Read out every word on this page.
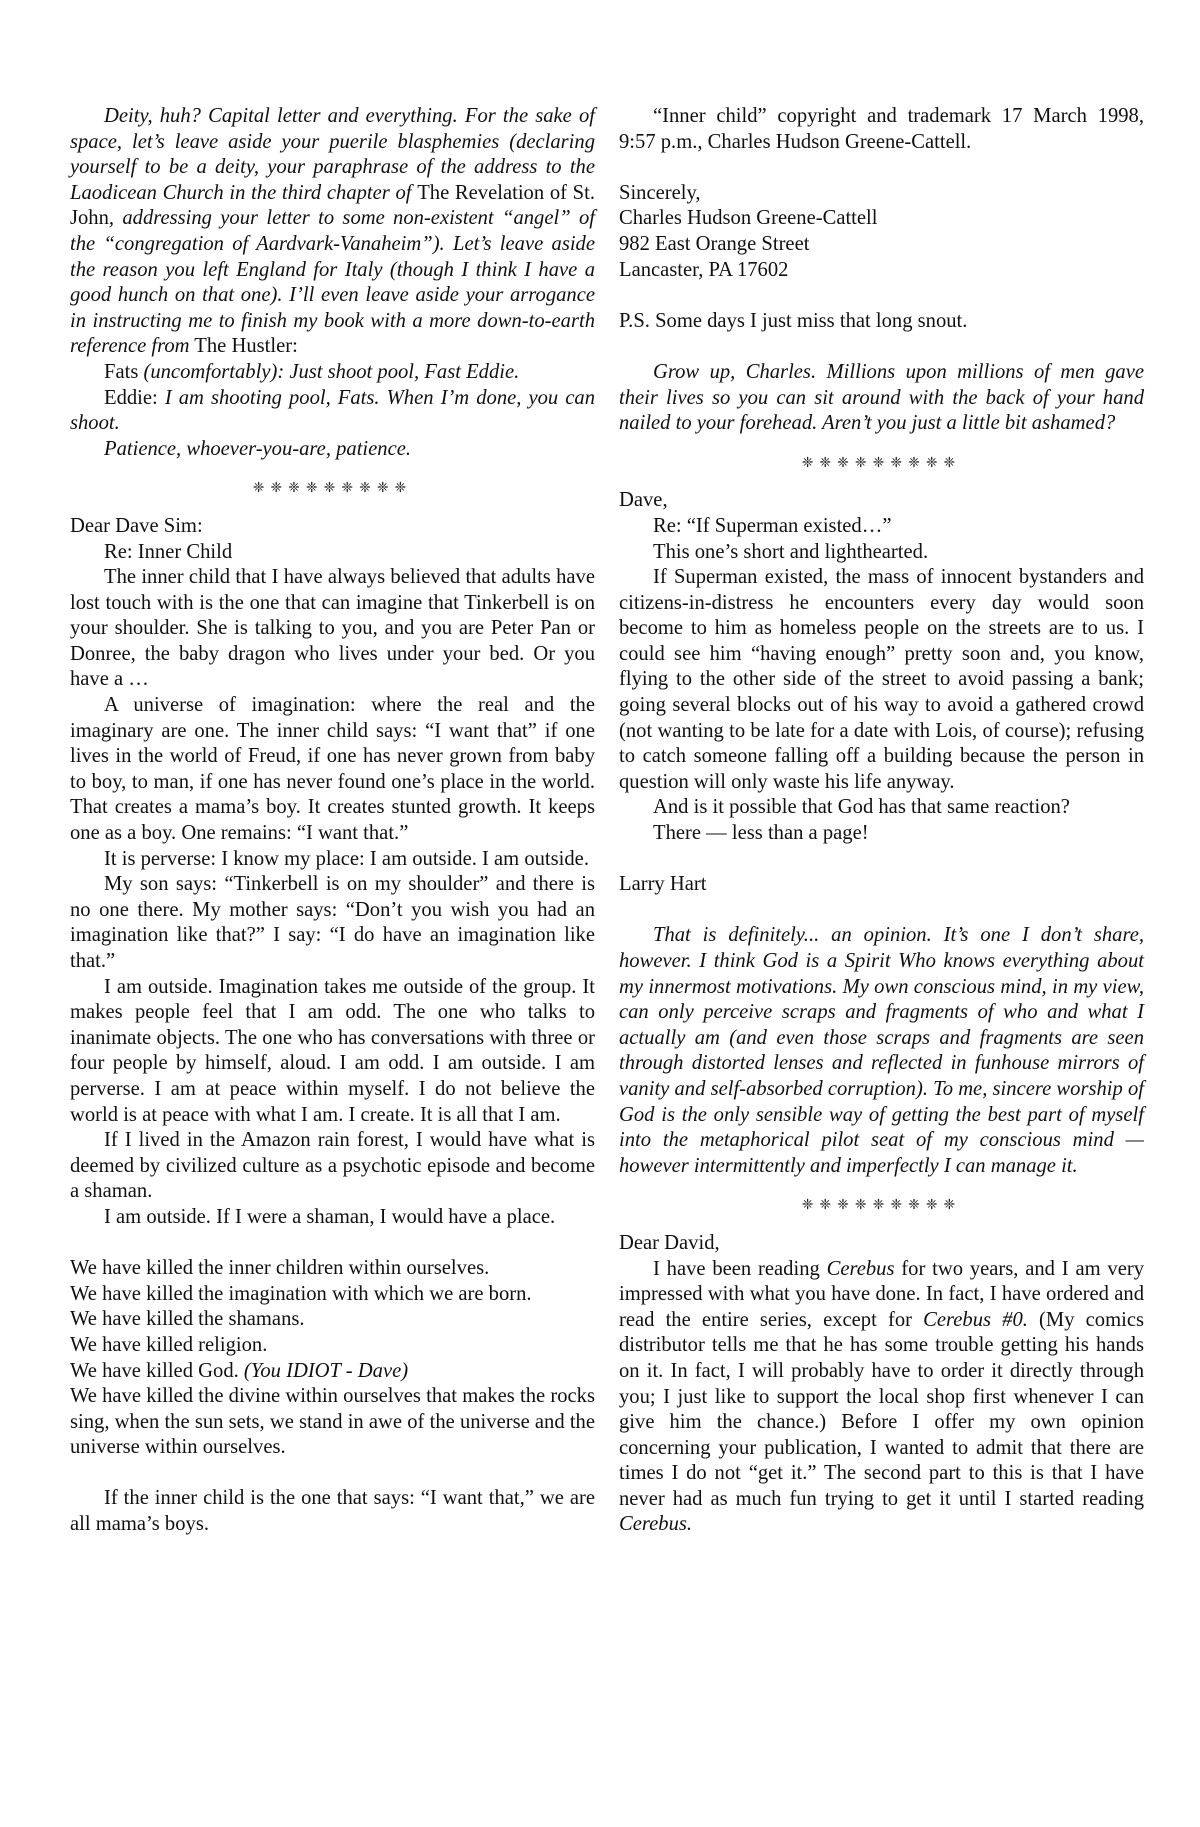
Deity, huh? Capital letter and everything. For the sake of space, let’s leave aside your puerile blasphemies (declaring yourself to be a deity, your paraphrase of the address to the Laodicean Church in the third chapter of The Revelation of St. John, addressing your letter to some non-existent “angel” of the “congregation of Aardvark-Vanaheim”). Let’s leave aside the reason you left England for Italy (though I think I have a good hunch on that one). I’ll even leave aside your arrogance in instructing me to finish my book with a more down-to-earth reference from The Hustler:

Fats (uncomfortably): Just shoot pool, Fast Eddie.

Eddie: I am shooting pool, Fats. When I’m done, you can shoot.

Patience, whoever-you-are, patience.

❈❈❈❈❈❈❈❈❈

Dear Dave Sim:

Re: Inner Child

The inner child that I have always believed that adults have lost touch with is the one that can imagine that Tinkerbell is on your shoulder. She is talking to you, and you are Peter Pan or Donree, the baby dragon who lives under your bed. Or you have a …

A universe of imagination: where the real and the imaginary are one. The inner child says: “I want that” if one lives in the world of Freud, if one has never grown from baby to boy, to man, if one has never found one’s place in the world. That creates a mama’s boy. It creates stunted growth. It keeps one as a boy. One remains: “I want that.”

It is perverse: I know my place: I am outside. I am outside.

My son says: “Tinkerbell is on my shoulder” and there is no one there. My mother says: “Don’t you wish you had an imagination like that?” I say: “I do have an imagination like that.”

I am outside. Imagination takes me outside of the group. It makes people feel that I am odd. The one who talks to inanimate objects. The one who has conversations with three or four people by himself, aloud. I am odd. I am outside. I am perverse. I am at peace within myself. I do not believe the world is at peace with what I am. I create. It is all that I am.

If I lived in the Amazon rain forest, I would have what is deemed by civilized culture as a psychotic episode and become a shaman.

I am outside. If I were a shaman, I would have a place.

We have killed the inner children within ourselves.

We have killed the imagination with which we are born.

We have killed the shamans.

We have killed religion.

We have killed God. (You IDIOT - Dave)

We have killed the divine within ourselves that makes the rocks sing, when the sun sets, we stand in awe of the universe and the universe within ourselves.

If the inner child is the one that says: “I want that,” we are all mama’s boys.

“Inner child” copyright and trademark 17 March 1998, 9:57 p.m., Charles Hudson Greene-Cattell.

Sincerely,

Charles Hudson Greene-Cattell

982 East Orange Street

Lancaster, PA 17602

P.S. Some days I just miss that long snout.

Grow up, Charles. Millions upon millions of men gave their lives so you can sit around with the back of your hand nailed to your forehead. Aren’t you just a little bit ashamed?

❈❈❈❈❈❈❈❈❈

Dave,

Re: “If Superman existed…”

This one’s short and lighthearted.

If Superman existed, the mass of innocent bystanders and citizens-in-distress he encounters every day would soon become to him as homeless people on the streets are to us. I could see him “having enough” pretty soon and, you know, flying to the other side of the street to avoid passing a bank; going several blocks out of his way to avoid a gathered crowd (not wanting to be late for a date with Lois, of course); refusing to catch someone falling off a building because the person in question will only waste his life anyway.

And is it possible that God has that same reaction?

There — less than a page!

Larry Hart

That is definitely... an opinion. It’s one I don’t share, however. I think God is a Spirit Who knows everything about my innermost motivations. My own conscious mind, in my view, can only perceive scraps and fragments of who and what I actually am (and even those scraps and fragments are seen through distorted lenses and reflected in funhouse mirrors of vanity and self-absorbed corruption). To me, sincere worship of God is the only sensible way of getting the best part of myself into the metaphorical pilot seat of my conscious mind — however intermittently and imperfectly I can manage it.

❈❈❈❈❈❈❈❈❈

Dear David,

I have been reading Cerebus for two years, and I am very impressed with what you have done. In fact, I have ordered and read the entire series, except for Cerebus #0. (My comics distributor tells me that he has some trouble getting his hands on it. In fact, I will probably have to order it directly through you; I just like to support the local shop first whenever I can give him the chance.) Before I offer my own opinion concerning your publication, I wanted to admit that there are times I do not “get it.” The second part to this is that I have never had as much fun trying to get it until I started reading Cerebus.
